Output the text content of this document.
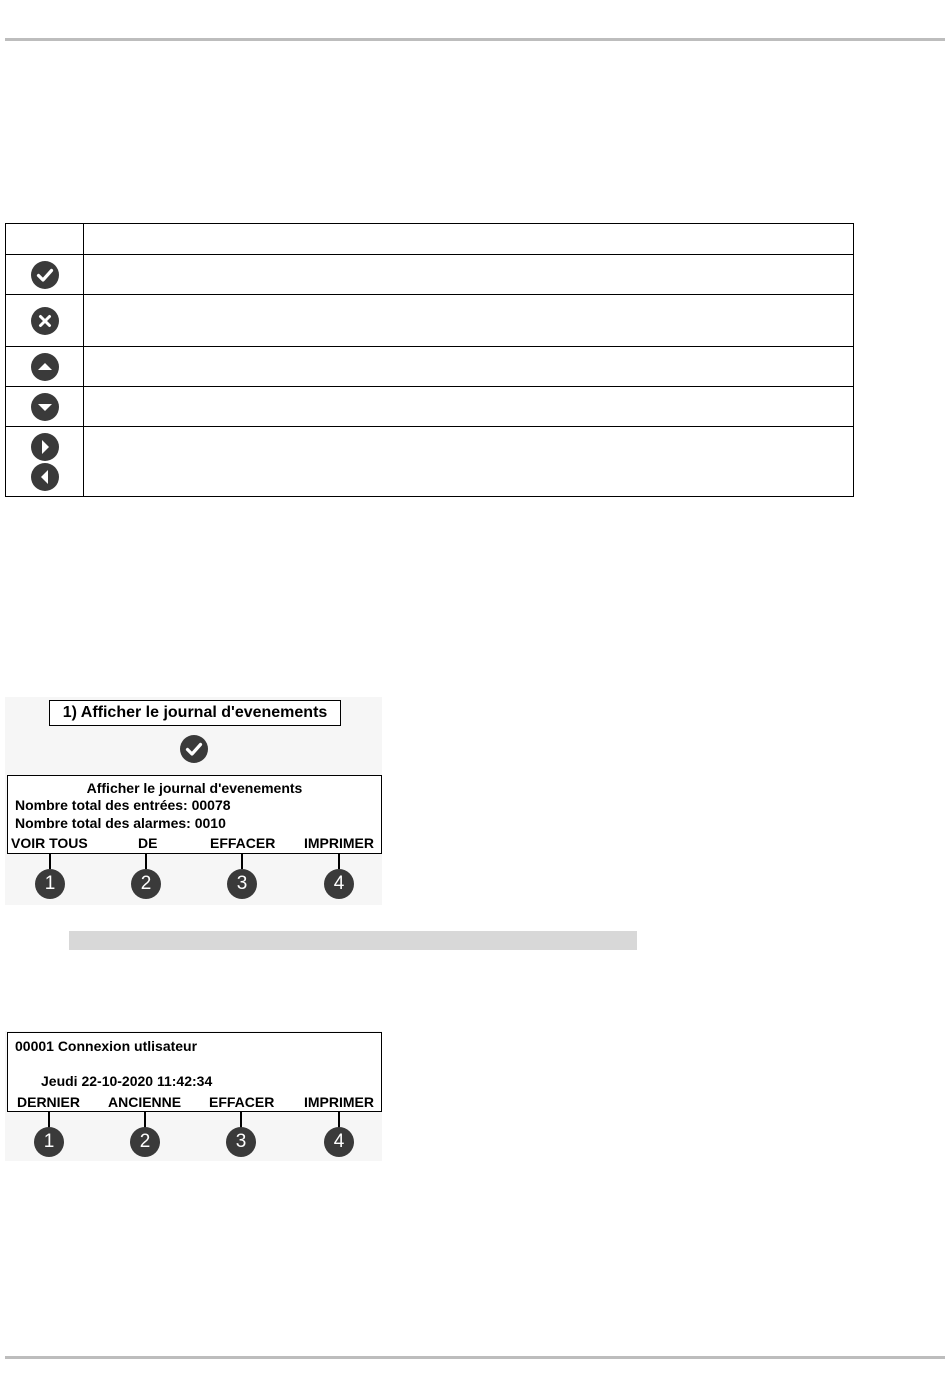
1) Afficher le journal d'evenements
Afficher le journal d'evenements
Nombre total des entrées: 00078
Nombre total des alarmes: 0010
VOIR TOUS	DE	EFFACER IMPRIMER
1	2	3	4
00001 Connexion utlisateur
Jeudi 22-10-2020 11:42:34
DERNIER ANCIENNE EFFACER IMPRIMER
1	2	3	4
